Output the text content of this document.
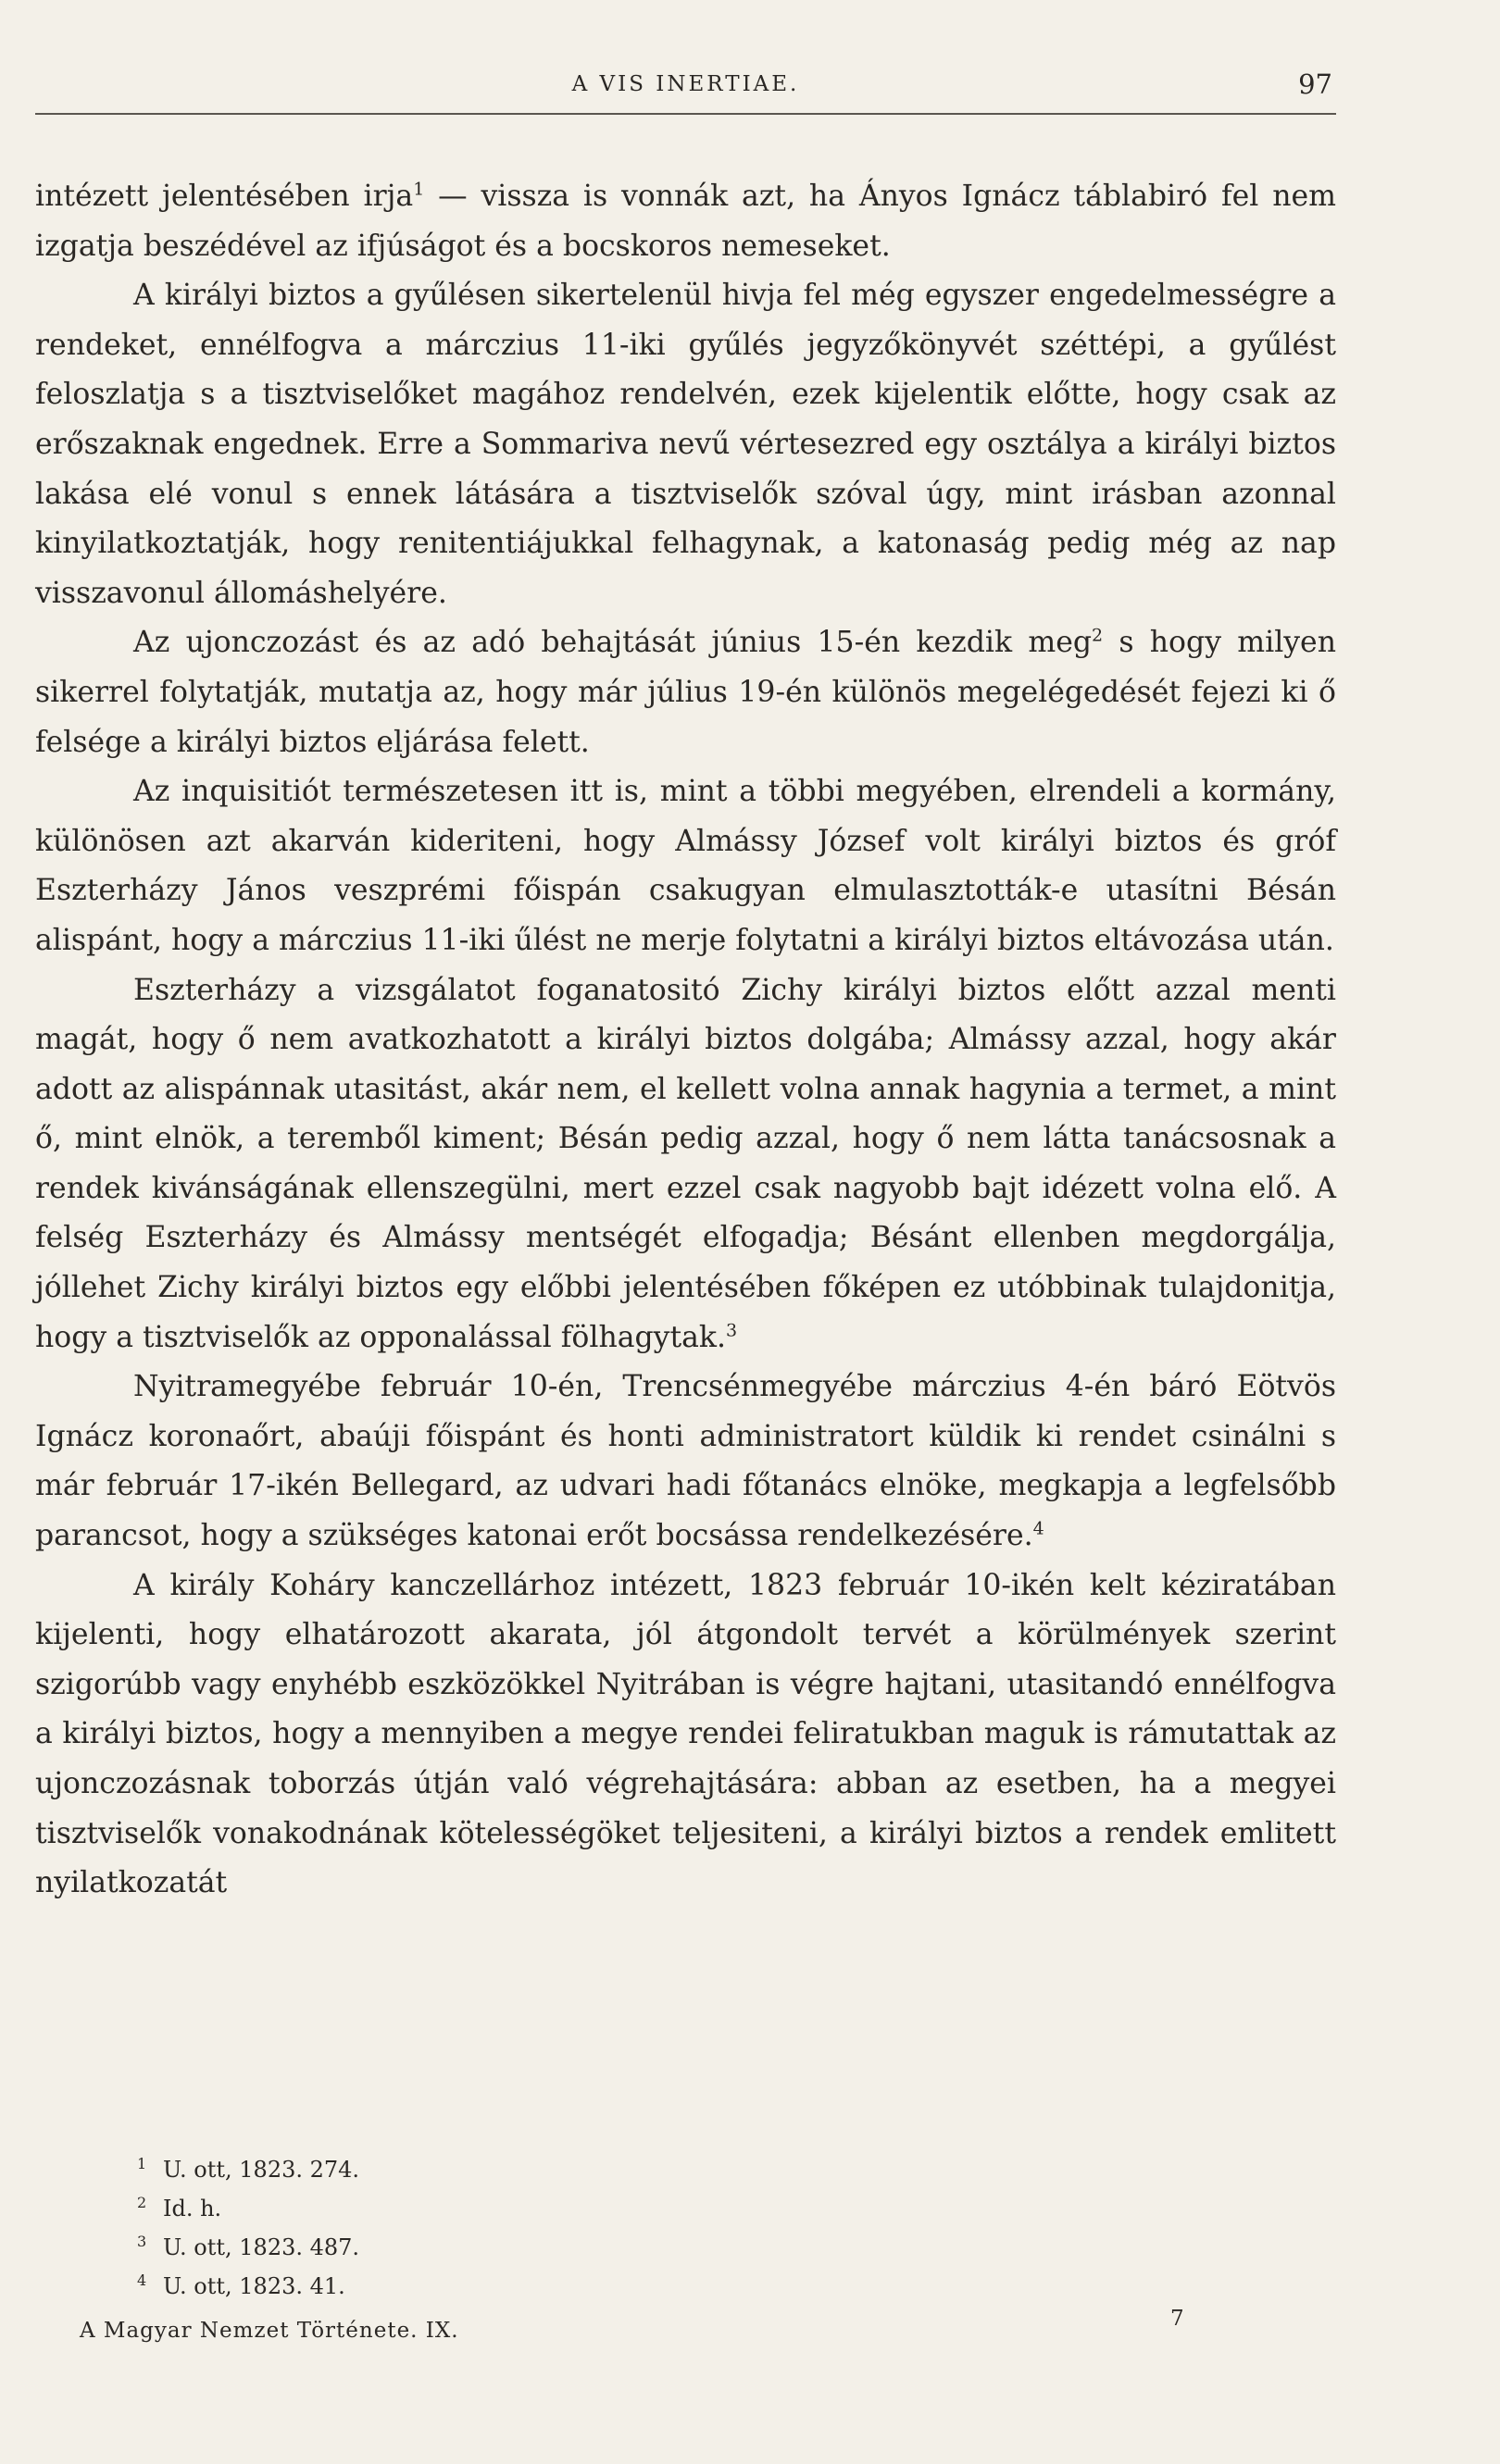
A VIS INERTIAE.	97

intézett jelentésében irja$^1$ — vissza is vonnák azt, ha Ányos Ignácz táblabiró fel nem izgatja beszédével az ifjúságot és a bocskoros nemeseket.

A királyi biztos a gyűlésen sikertelenül hivja fel még egyszer engedelmességre a rendeket, ennélfogva a márczius 11-iki gyűlés jegyzőkönyvét széttépi, a gyűlést feloszlatja s a tisztviselőket magához rendelvén, ezek kijelentik előtte, hogy csak az erőszaknak engednek. Erre a Sommariva nevű vértesezred egy osztálya a királyi biztos lakása elé vonul s ennek látására a tisztviselők szóval úgy, mint irásban azonnal kinyilatkoztatják, hogy renitentiájukkal felhagynak, a katonaság pedig még az nap visszavonul állomáshelyére.

Az ujonczozást és az adó behajtását június 15-én kezdik meg$^2$ s hogy milyen sikerrel folytatják, mutatja az, hogy már július 19-én különös megelégedését fejezi ki ő felsége a királyi biztos eljárása felett.

Az inquisitiót természetesen itt is, mint a többi megyében, elrendeli a kormány, különösen azt akarván kideriteni, hogy Almássy József volt királyi biztos és gróf Eszterházy János veszprémi főispán csakugyan elmulasztották-e utasítni Bésán alispánt, hogy a márczius 11-iki űlést ne merje folytatni a királyi biztos eltávozása után.

Eszterházy a vizsgálatot foganatositó Zichy királyi biztos előtt azzal menti magát, hogy ő nem avatkozhatott a királyi biztos dolgába; Almássy azzal, hogy akár adott az alispánnak utasitást, akár nem, el kellett volna annak hagynia a termet, a mint ő, mint elnök, a teremből kiment; Bésán pedig azzal, hogy ő nem látta tanácsosnak a rendek kivánságának ellenszegülni, mert ezzel csak nagyobb bajt idézett volna elő. A felség Eszterházy és Almássy mentségét elfogadja; Bésánt ellenben megdorgálja, jóllehet Zichy királyi biztos egy előbbi jelentésében főképen ez utóbbinak tulajdonitja, hogy a tisztviselők az opponalással fölhagytak.$^3$

Nyitramegyébe február 10-én, Trencsénmegyébe márczius 4-én báró Eötvös Ignácz koronaőrt, abaúji főispánt és honti administratort küldik ki rendet csinálni s már február 17-ikén Bellegard, az udvari hadi főtanács elnöke, megkapja a legfelsőbb parancsot, hogy a szükséges katonai erőt bocsássa rendelkezésére.$^4$

A király Koháry kanczellárhoz intézett, 1823 február 10-ikén kelt kéziratában kijelenti, hogy elhatározott akarata, jól átgondolt tervét a körülmények szerint szigorúbb vagy enyhébb eszközökkel Nyitrában is végre hajtani, utasitandó ennélfogva a királyi biztos, hogy a mennyiben a megye rendei feliratukban maguk is rámutattak az ujonczozásnak toborzás útján való végrehajtására: abban az esetben, ha a megyei tisztviselők vonakodnának kötelességöket teljesiteni, a királyi biztos a rendek emlitett nyilatkozatát

1 U. ott, 1823. 274.
2 Id. h.
3 U. ott, 1823. 487.
4 U. ott, 1823. 41.
A Magyar Nemzet Története. IX.	7
